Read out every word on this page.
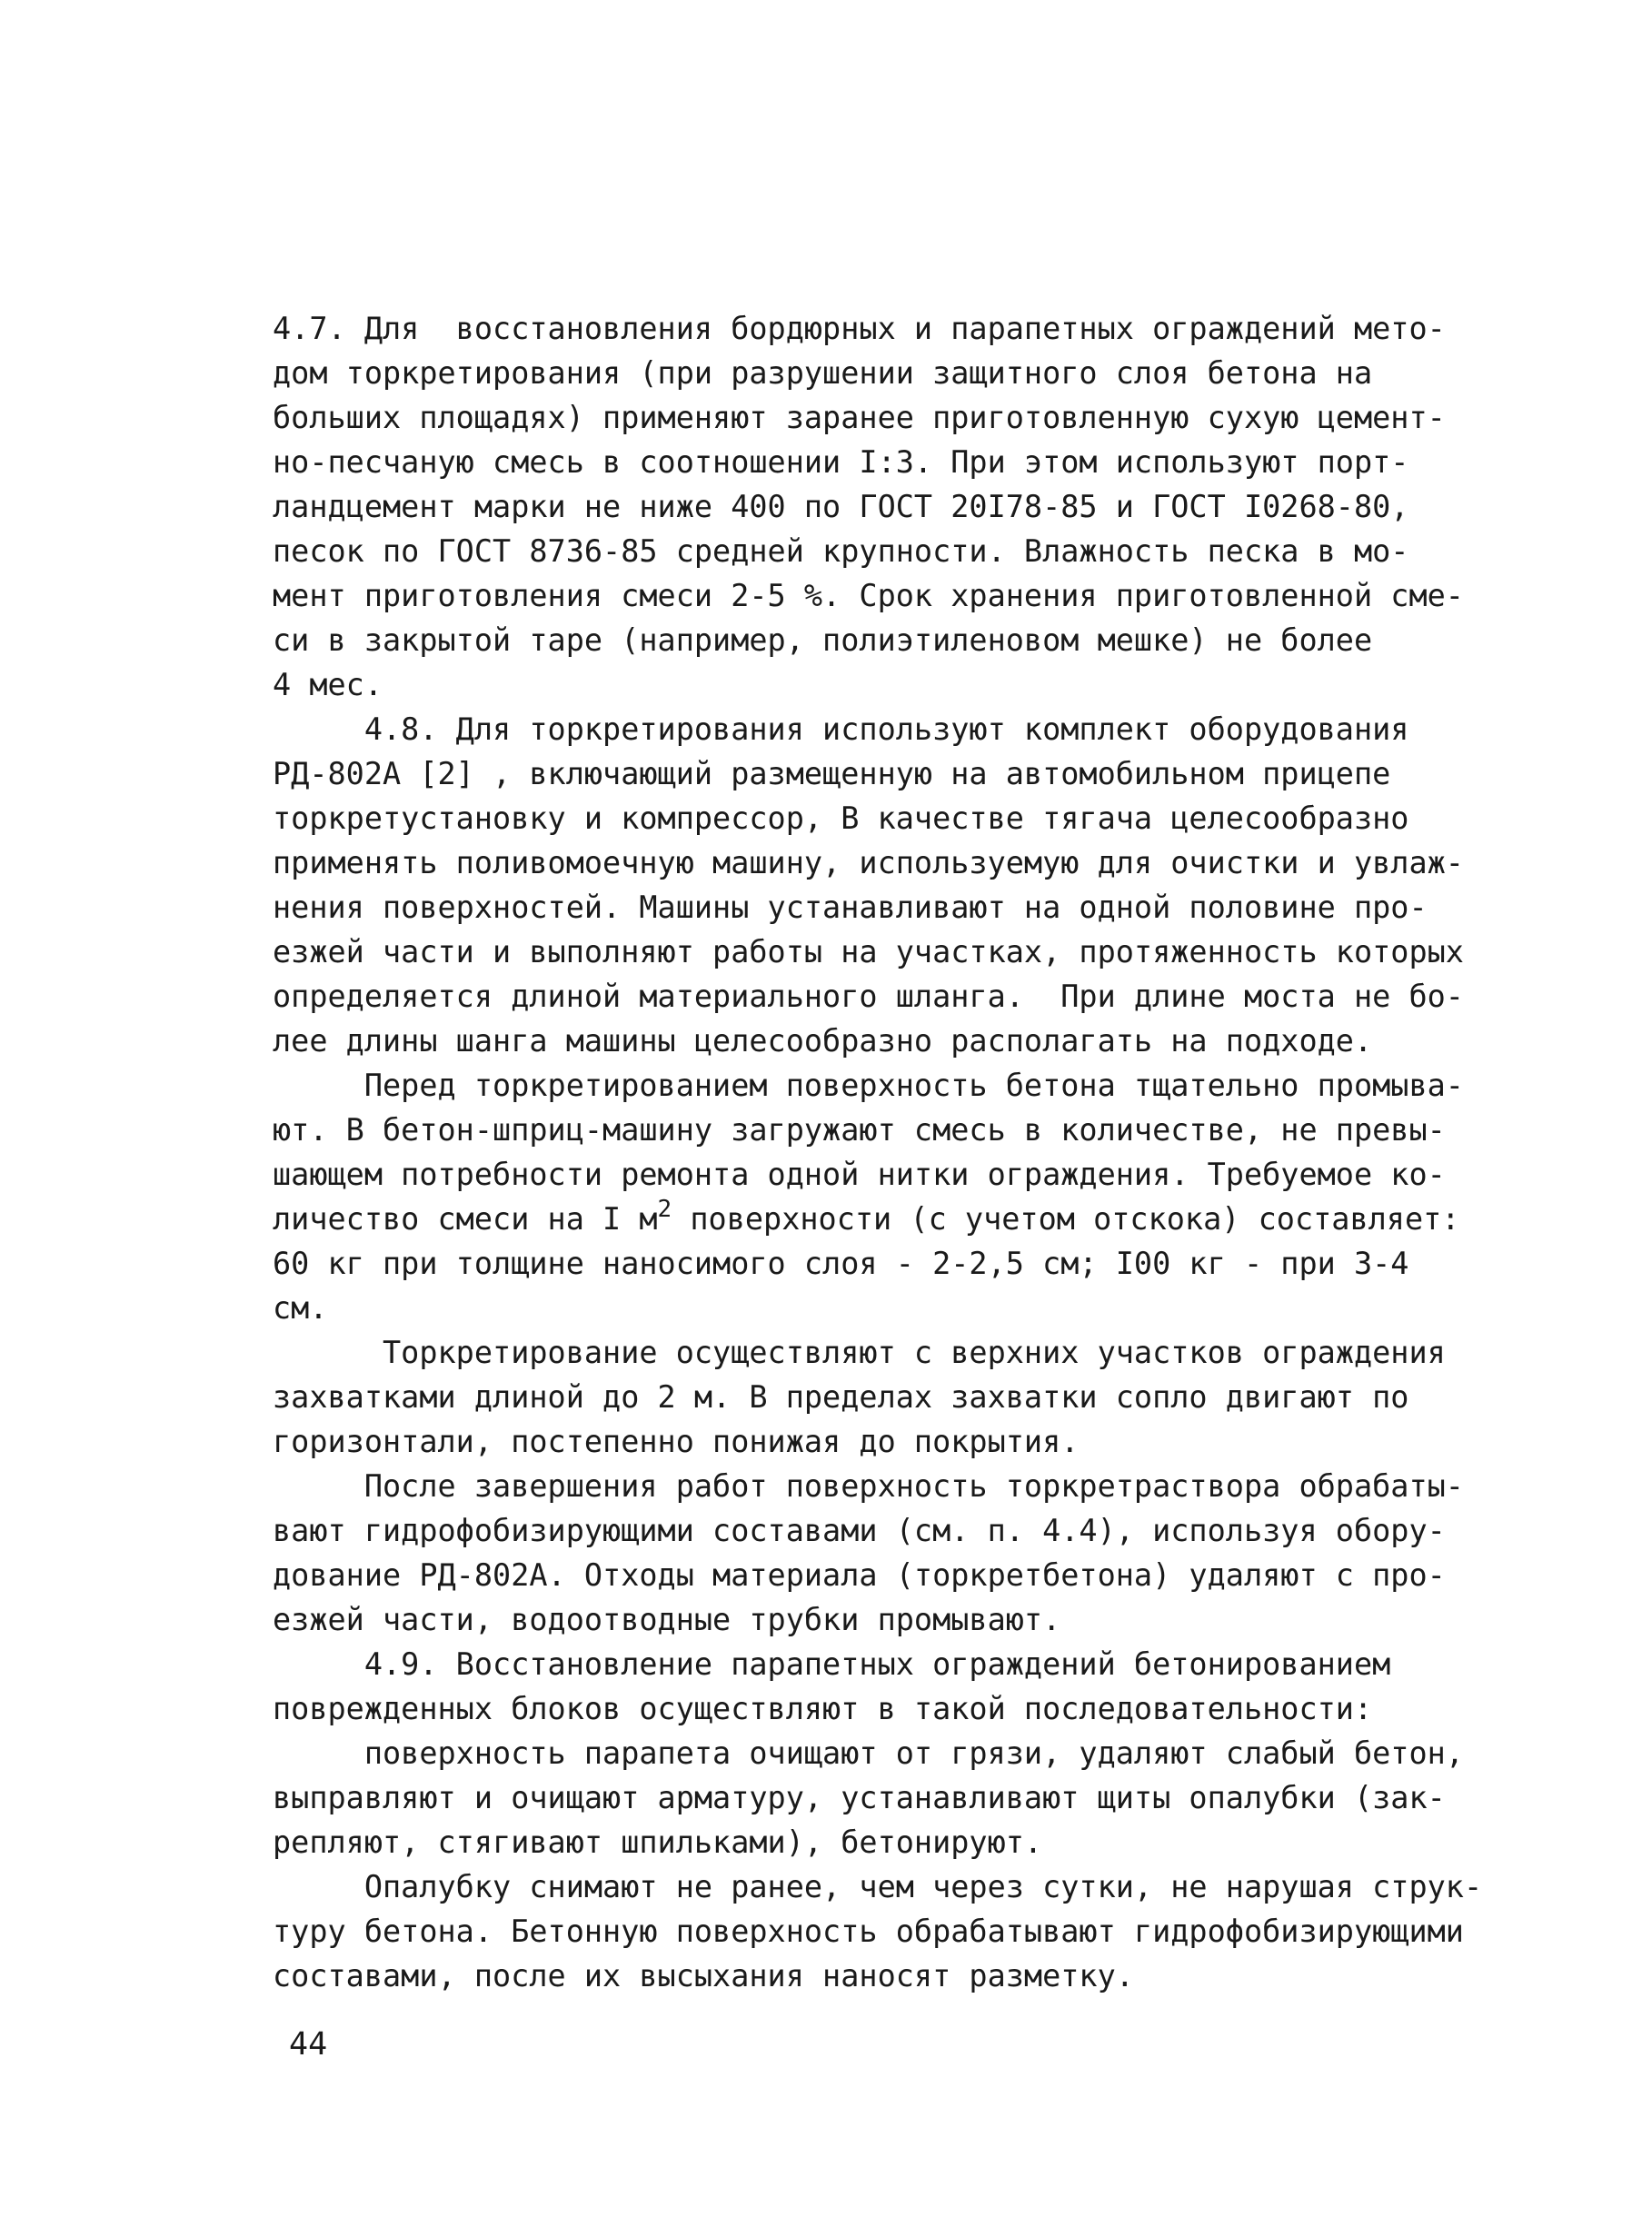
4.7. Для  восстановления бордюрных и парапетных ограждений мето-
дом торкретирования (при разрушении защитного слоя бетона на
больших площадях) применяют заранее приготовленную сухую цемент-
но-песчаную смесь в соотношении I:3. При этом используют порт-
ландцемент марки не ниже 400 по ГОСТ 20I78-85 и ГОСТ I0268-80,
песок по ГОСТ 8736-85 средней крупности. Влажность песка в мо-
мент приготовления смеси 2-5 %. Срок хранения приготовленной сме-
си в закрытой таре (например, полиэтиленовом мешке) не более
4 мес.
4.8. Для торкретирования используют комплект оборудования
РД-802А [2] , включающий размещенную на автомобильном прицепе
торкретустановку и компрессор, В качестве тягача целесообразно
применять поливомоечную машину, используемую для очистки и увлаж-
нения поверхностей. Машины устанавливают на одной половине про-
езжей части и выполняют работы на участках, протяженность которых
определяется длиной материального шланга.  При длине моста не бо-
лее длины шанга машины целесообразно располагать на подходе.
Перед торкретированием поверхность бетона тщательно промыва-
ют. В бетон-шприц-машину загружают смесь в количестве, не превы-
шающем потребности ремонта одной нитки ограждения. Требуемое ко-
личество смеси на I $м^2$ поверхности (с учетом отскока) составляет:
60 кг при толщине наносимого слоя - 2-2,5 см; I00 кг - при 3-4
см.
Торкретирование осуществляют с верхних участков ограждения
захватками длиной до 2 м. В пределах захватки сопло двигают по
горизонтали, постепенно понижая до покрытия.
После завершения работ поверхность торкретраствора обрабаты-
вают гидрофобизирующими составами (см. п. 4.4), используя обору-
дование РД-802А. Отходы материала (торкретбетона) удаляют с про-
езжей части, водоотводные трубки промывают.
4.9. Восстановление парапетных ограждений бетонированием
поврежденных блоков осуществляют в такой последовательности:
поверхность парапета очищают от грязи, удаляют слабый бетон,
выправляют и очищают арматуру, устанавливают щиты опалубки (зак-
репляют, стягивают шпильками), бетонируют.
Опалубку снимают не ранее, чем через сутки, не нарушая струк-
туру бетона. Бетонную поверхность обрабатывают гидрофобизирующими
составами, после их высыхания наносят разметку.
44
